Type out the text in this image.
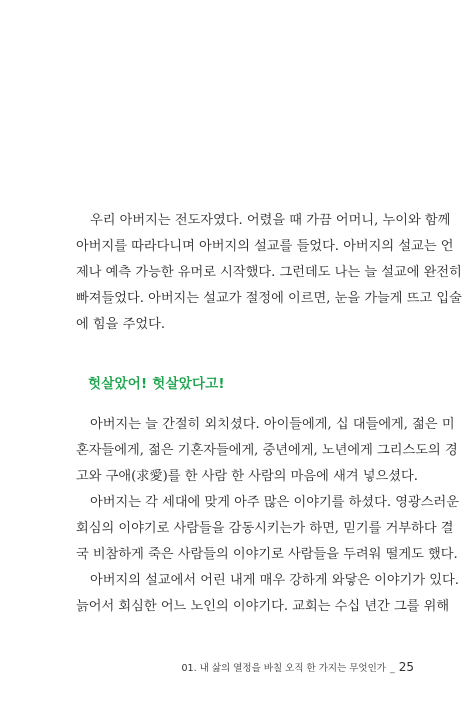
우리 아버지는 전도자였다. 어렸을 때 가끔 어머니, 누이와 함께
아버지를 따라다니며 아버지의 설교를 들었다. 아버지의 설교는 언
제나 예측 가능한 유머로 시작했다. 그런데도 나는 늘 설교에 완전히
빠져들었다. 아버지는 설교가 절정에 이르면, 눈을 가늘게 뜨고 입술
에 힘을 주었다.

헛살았어! 헛살았다고!

아버지는 늘 간절히 외치셨다. 아이들에게, 십 대들에게, 젊은 미
혼자들에게, 젊은 기혼자들에게, 중년에게, 노년에게 그리스도의 경
고와 구애(求愛)를 한 사람 한 사람의 마음에 새겨 넣으셨다.

아버지는 각 세대에 맞게 아주 많은 이야기를 하셨다. 영광스러운
회심의 이야기로 사람들을 감동시키는가 하면, 믿기를 거부하다 결
국 비참하게 죽은 사람들의 이야기로 사람들을 두려워 떨게도 했다.

아버지의 설교에서 어린 내게 매우 강하게 와닿은 이야기가 있다.
늙어서 회심한 어느 노인의 이야기다. 교회는 수십 년간 그를 위해

01. 내 삶의 열정을 바칠 오직 한 가지는 무엇인가 _ 25
